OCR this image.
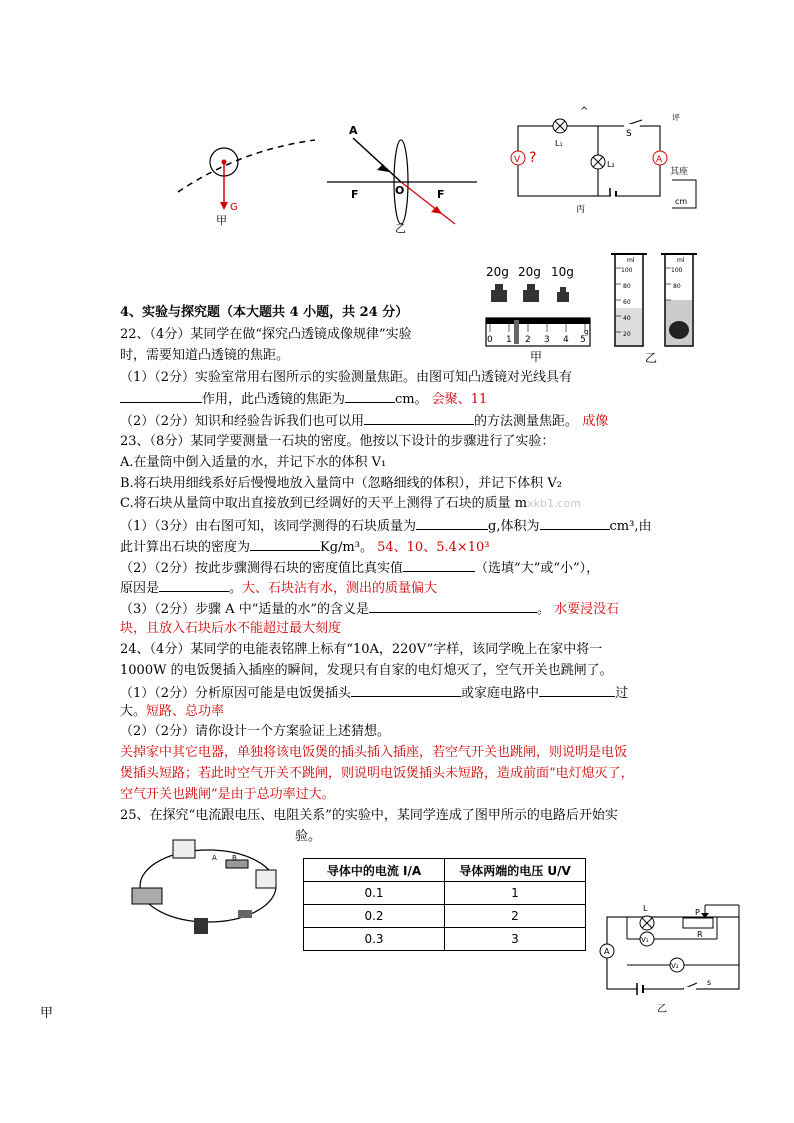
G
甲
A
F	O	F
乙
L₁
L₂
S
V	A
?
^
评
其座
cm
丙
20g 20g 10g
0 1 2 3 4 5
g
甲
ml
100
80
60
40
20
ml
100
80
乙
4、实验与探究题（本大题共 4 小题，共 24 分）
22、（4分）某同学在做“探究凸透镜成像规律”实验
时，需要知道凸透镜的焦距。
（1）（2分）实验室常用右图所示的实验测量焦距。由图可知凸透镜对光线具有
作用，此凸透镜的焦距为	cm。 会聚、11
（2）（2分）知识和经验告诉我们也可以用	的方法测量焦距。 成像
23、（8分）某同学要测量一石块的密度。他按以下设计的步骤进行了实验：
A.在量筒中倒入适量的水，并记下水的体积 V₁
B.将石块用细线系好后慢慢地放入量筒中（忽略细线的体积），并记下体积 V₂
C.将石块从量筒中取出直接放到已经调好的天平上测得了石块的质量 mxkb1.com
（1）（3分）由右图可知，该同学测得的石块质量为	g,体积为	cm³,由
此计算出石块的密度为	Kg/m³。 54、10、5.4×10³
（2）（2分）按此步骤测得石块的密度值比真实值	（选填“大”或“小”），
原因是	。大、石块沾有水，测出的质量偏大
（3）（2分）步骤 A 中“适量的水”的含义是	。 水要浸没石
块，且放入石块后水不能超过最大刻度
24、（4分）某同学的电能表铭牌上标有“10A，220V”字样，该同学晚上在家中将一
1000W 的电饭煲插入插座的瞬间，发现只有自家的电灯熄灭了，空气开关也跳闸了。
（1）（2分）分析原因可能是电饭煲插头	或家庭电路中	过
大。短路、总功率
（2）（2分）请你设计一个方案验证上述猜想。
关掉家中其它电器，单独将该电饭煲的插头插入插座，若空气开关也跳闸，则说明是电饭
煲插头短路；若此时空气开关不跳闸，则说明电饭煲插头未短路，造成前面“电灯熄灭了，
空气开关也跳闸”是由于总功率过大。
25、在探究“电流跟电压、电阻关系”的实验中，某同学连成了图甲所示的电路后开始实
验。
A B
导体中的电流 I/A	导体两端的电压 U/V
0.1	1
0.2	2
0.3	3
L	P
R
V₁
A
V₂
s
乙
甲
